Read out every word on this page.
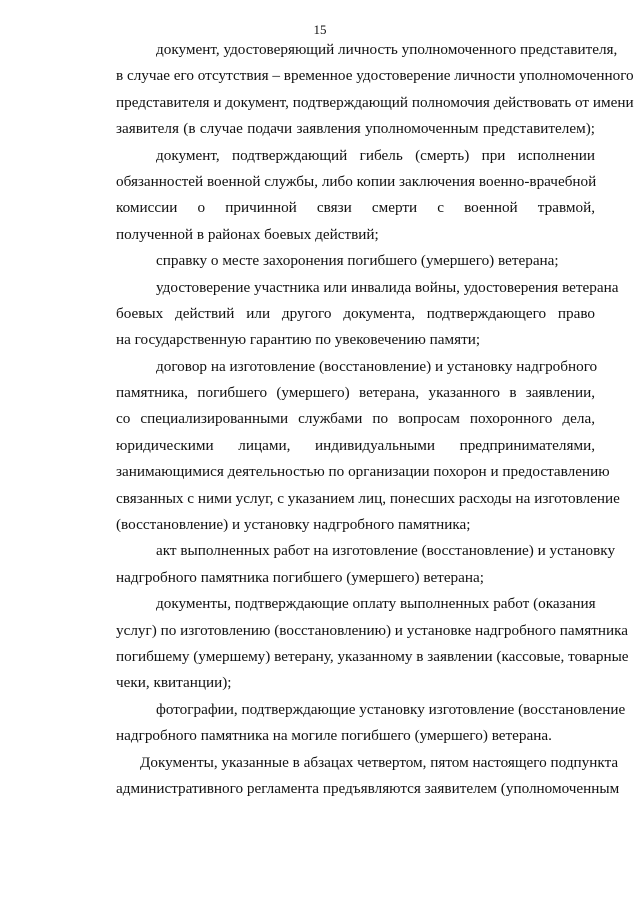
15
документ, удостоверяющий личность уполномоченного представителя,
в случае его отсутствия – временное удостоверение личности уполномоченного
представителя и документ, подтверждающий полномочия действовать от имени
заявителя (в случае подачи заявления уполномоченным представителем);
документ, подтверждающий гибель (смерть) при исполнении
обязанностей военной службы, либо копии заключения военно-врачебной
комиссии о причинной связи смерти с военной травмой,
полученной в районах боевых действий;
справку о месте захоронения погибшего (умершего) ветерана;
удостоверение участника или инвалида войны, удостоверения ветерана
боевых действий или другого документа, подтверждающего право
на государственную гарантию по увековечению памяти;
договор на изготовление (восстановление) и установку надгробного
памятника, погибшего (умершего) ветерана, указанного в заявлении,
со специализированными службами по вопросам похоронного дела,
юридическими лицами, индивидуальными предпринимателями,
занимающимися деятельностью по организации похорон и предоставлению
связанных с ними услуг, с указанием лиц, понесших расходы на изготовление
(восстановление) и установку надгробного памятника;
акт выполненных работ на изготовление (восстановление) и установку
надгробного памятника погибшего (умершего) ветерана;
документы, подтверждающие оплату выполненных работ (оказания
услуг) по изготовлению (восстановлению) и установке надгробного памятника
погибшему (умершему) ветерану, указанному в заявлении (кассовые, товарные
чеки, квитанции);
фотографии, подтверждающие установку изготовление (восстановление
надгробного памятника на могиле погибшего (умершего) ветерана.
Документы, указанные в абзацах четвертом, пятом настоящего подпункта
административного регламента предъявляются заявителем (уполномоченным
